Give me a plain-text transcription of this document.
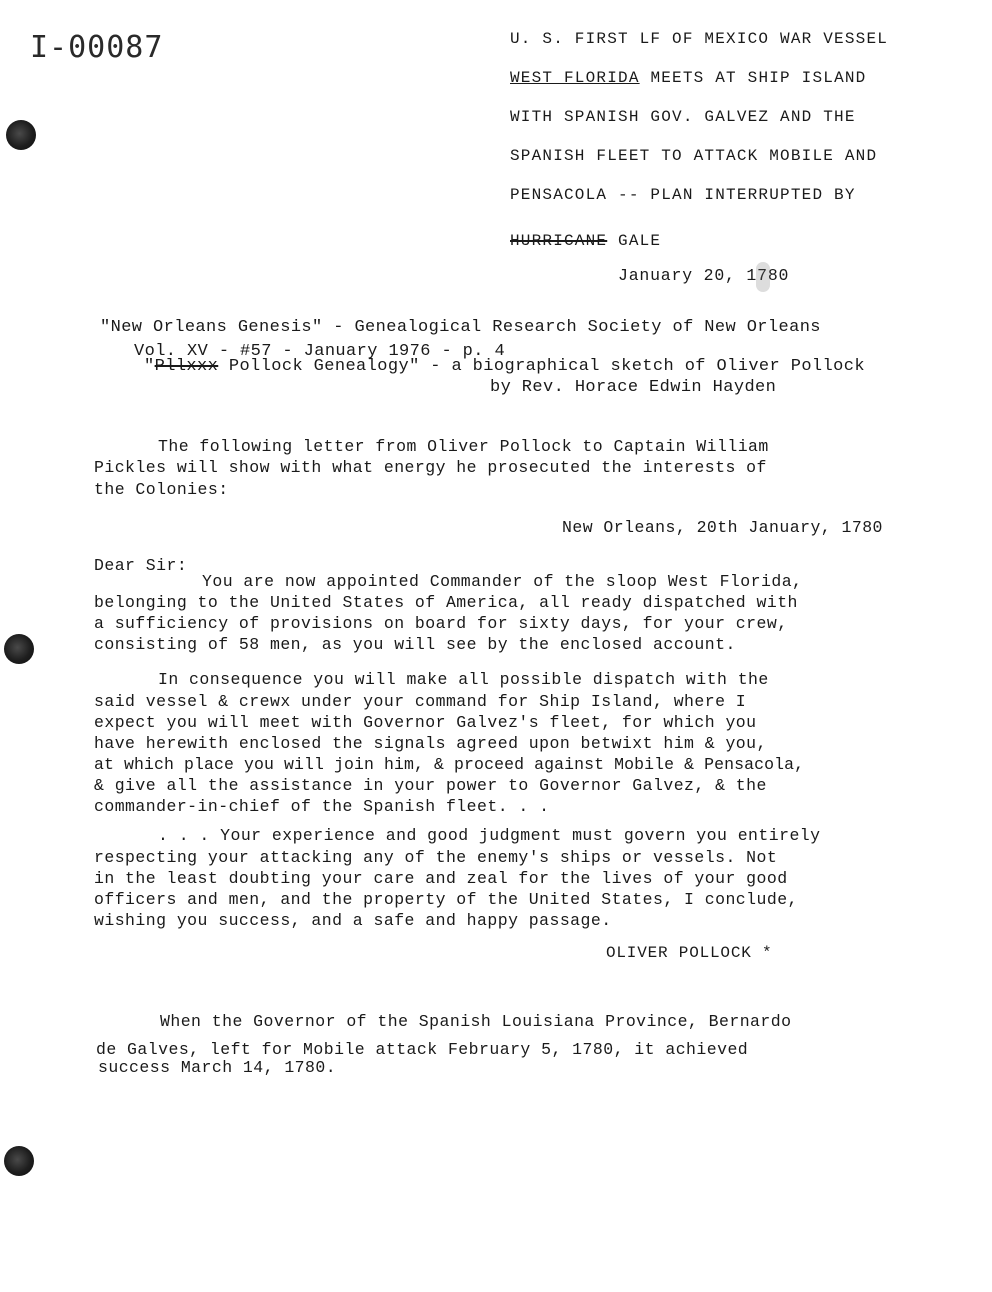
I-00087	U. S. FIRST LF OF MEXICO WAR VESSEL
WEST FLORIDA MEETS AT SHIP ISLAND
WITH SPANISH GOV. GALVEZ AND THE
SPANISH FLEET TO ATTACK MOBILE AND
PENSACOLA -- PLAN INTERRUPTED BY
HURRICANE GALE
January 20, 1780
"New Orleans Genesis" - Genealogical Research Society of New Orleans
Vol. XV - #57 - January 1976 - p. 4
"Pllxxx Pollock Genealogy" - a biographical sketch of Oliver Pollock
by Rev. Horace Edwin Hayden
The following letter from Oliver Pollock to Captain William
Pickles will show with what energy he prosecuted the interests of
the Colonies:
New Orleans, 20th January, 1780
Dear Sir:
You are now appointed Commander of the sloop West Florida,
belonging to the United States of America, all ready dispatched with
a sufficiency of provisions on board for sixty days, for your crew,
consisting of 58 men, as you will see by the enclosed account.
In consequence you will make all possible dispatch with the
said vessel & crewx under your command for Ship Island, where I
expect you will meet with Governor Galvez's fleet, for which you
have herewith enclosed the signals agreed upon betwixt him & you,
at which place you will join him, & proceed against Mobile & Pensacola,
& give all the assistance in your power to Governor Galvez, & the
commander-in-chief of the Spanish fleet. . .
. . . Your experience and good judgment must govern you entirely
respecting your attacking any of the enemy's ships or vessels. Not
in the least doubting your care and zeal for the lives of your good
officers and men, and the property of the United States, I conclude,
wishing you success, and a safe and happy passage.
OLIVER POLLOCK *
When the Governor of the Spanish Louisiana Province, Bernardo
de Galves, left for Mobile attack February 5, 1780, it achieved
success March 14, 1780.
